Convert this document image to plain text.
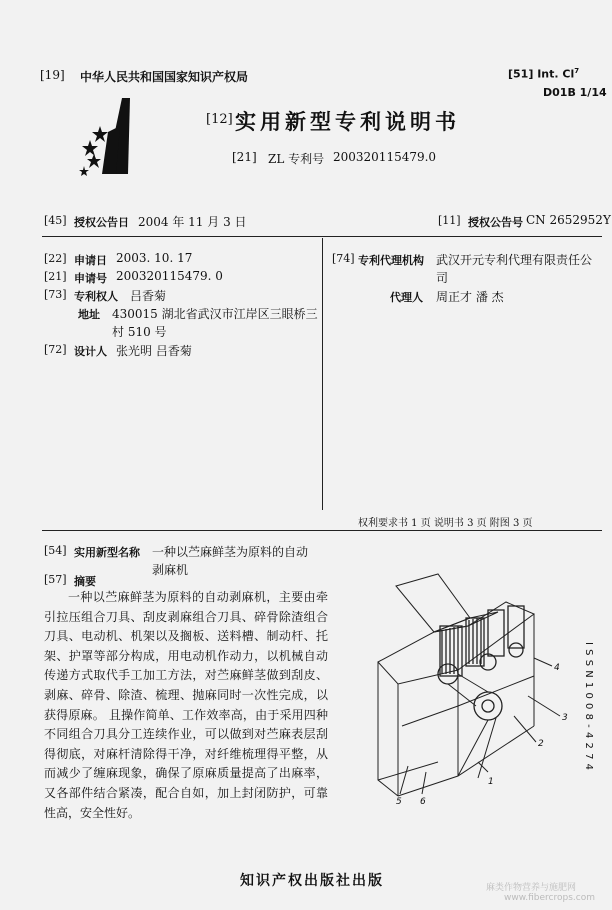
[19] 中华人民共和国国家知识产权局	[51] Int. Cl$^7$
D01B 1/14
[12] 实用新型专利说明书
[21] ZL 专利号 200320115479.0
[45] 授权公告日 2004 年 11 月 3 日	[11] 授权公告号 CN 2652952Y
[22] 申请日 2003. 10. 17
[21] 申请号 200320115479. 0
[73] 专利权人 吕香菊
地址 430015 湖北省武汉市江岸区三眼桥三
村 510 号
[72] 设计人 张光明 吕香菊
[74] 专利代理机构 武汉开元专利代理有限责任公
司
代理人 周正才 潘 杰
权利要求书 1 页 说明书 3 页 附图 3 页
[54] 实用新型名称 一种以苎麻鲜茎为原料的自动
剥麻机
[57] 摘要

一种以苎麻鲜茎为原料的自动剥麻机，主要由牵引拉压组合刀具、刮皮剥麻组合刀具、碎骨除渣组合刀具、电动机、机架以及搁板、送料槽、制动杆、托架、护罩等部分构成，用电动机作动力，以机械自动传递方式取代手工加工方法，对苎麻鲜茎做到刮皮、剥麻、碎骨、除渣、梳理、抛麻同时一次性完成，以获得原麻。 且操作简单、工作效率高，由于采用四种不同组合刀具分工连续作业，可以做到对苎麻表层刮得彻底，对麻杆清除得干净，对纤维梳理得平整，从而减少了缠麻现象，确保了原麻质量提高了出麻率，又各部件结合紧凑，配合自如，加上封闭防护，可靠性高，安全性好。

4
3
2
1
6
5
ISSN1008-4274
知识产权出版社出版	麻类作物营养与施肥网
www.fibercrops.com
